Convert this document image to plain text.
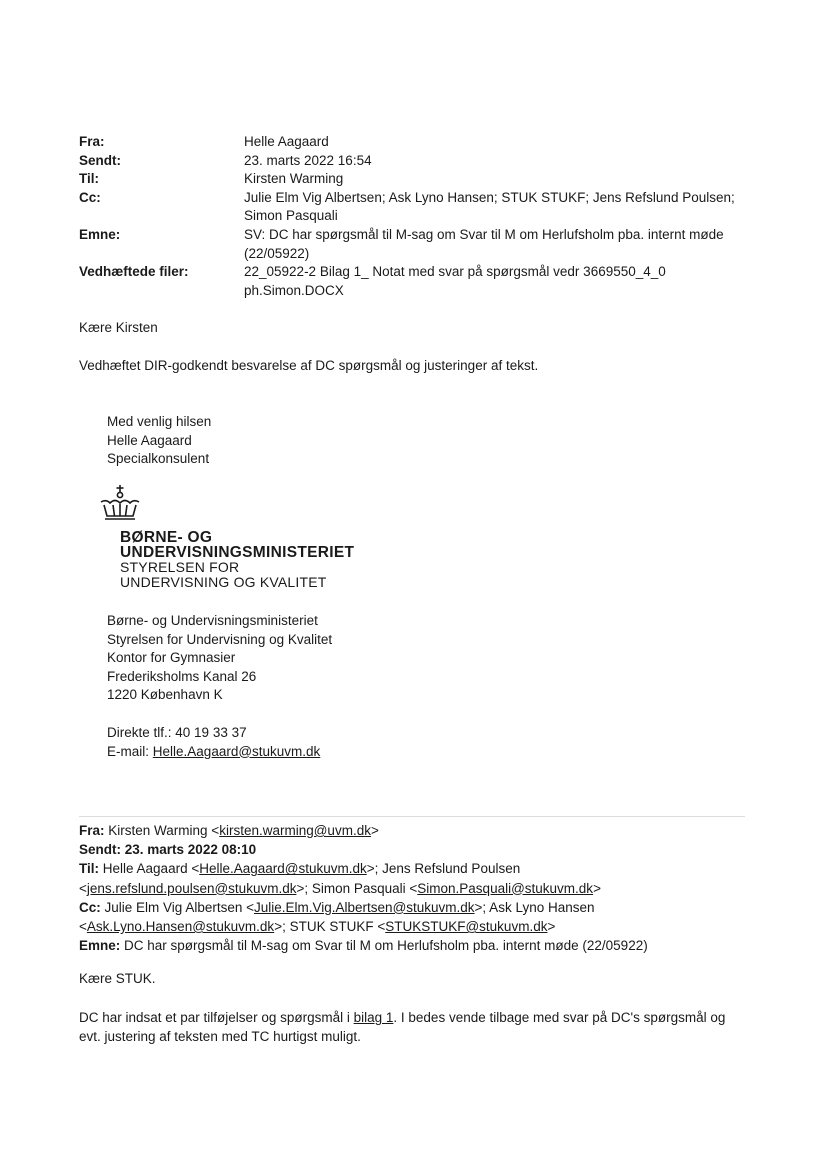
Fra:	Helle Aagaard
Sendt:	23. marts 2022 16:54
Til:	Kirsten Warming
Cc:	Julie Elm Vig Albertsen; Ask Lyno Hansen; STUK STUKF; Jens Refslund Poulsen; Simon Pasquali
Emne:	SV: DC har spørgsmål til M-sag om Svar til M om Herlufsholm pba. internt møde (22/05922)
Vedhæftede filer:	22_05922-2 Bilag 1_ Notat med svar på spørgsmål vedr 3669550_4_0 ph.Simon.DOCX
Kære Kirsten
Vedhæftet DIR-godkendt besvarelse af DC spørgsmål og justeringer af tekst.
Med venlig hilsen
Helle Aagaard
Specialkonsulent
BØRNE- OG
UNDERVISNINGSMINISTERIET
STYRELSEN FOR
UNDERVISNING OG KVALITET
Børne- og Undervisningsministeriet
Styrelsen for Undervisning og Kvalitet
Kontor for Gymnasier
Frederiksholms Kanal 26
1220 København K
Direkte tlf.: 40 19 33 37
E-mail: Helle.Aagaard@stukuvm.dk
Fra: Kirsten Warming <kirsten.warming@uvm.dk>
Sendt: 23. marts 2022 08:10
Til: Helle Aagaard <Helle.Aagaard@stukuvm.dk>; Jens Refslund Poulsen
<jens.refslund.poulsen@stukuvm.dk>; Simon Pasquali <Simon.Pasquali@stukuvm.dk>
Cc: Julie Elm Vig Albertsen <Julie.Elm.Vig.Albertsen@stukuvm.dk>; Ask Lyno Hansen
<Ask.Lyno.Hansen@stukuvm.dk>; STUK STUKF <STUKSTUKF@stukuvm.dk>
Emne: DC har spørgsmål til M-sag om Svar til M om Herlufsholm pba. internt møde (22/05922)
Kære STUK.
DC har indsat et par tilføjelser og spørgsmål i bilag 1. I bedes vende tilbage med svar på DC's spørgsmål og evt. justering af teksten med TC hurtigst muligt.
